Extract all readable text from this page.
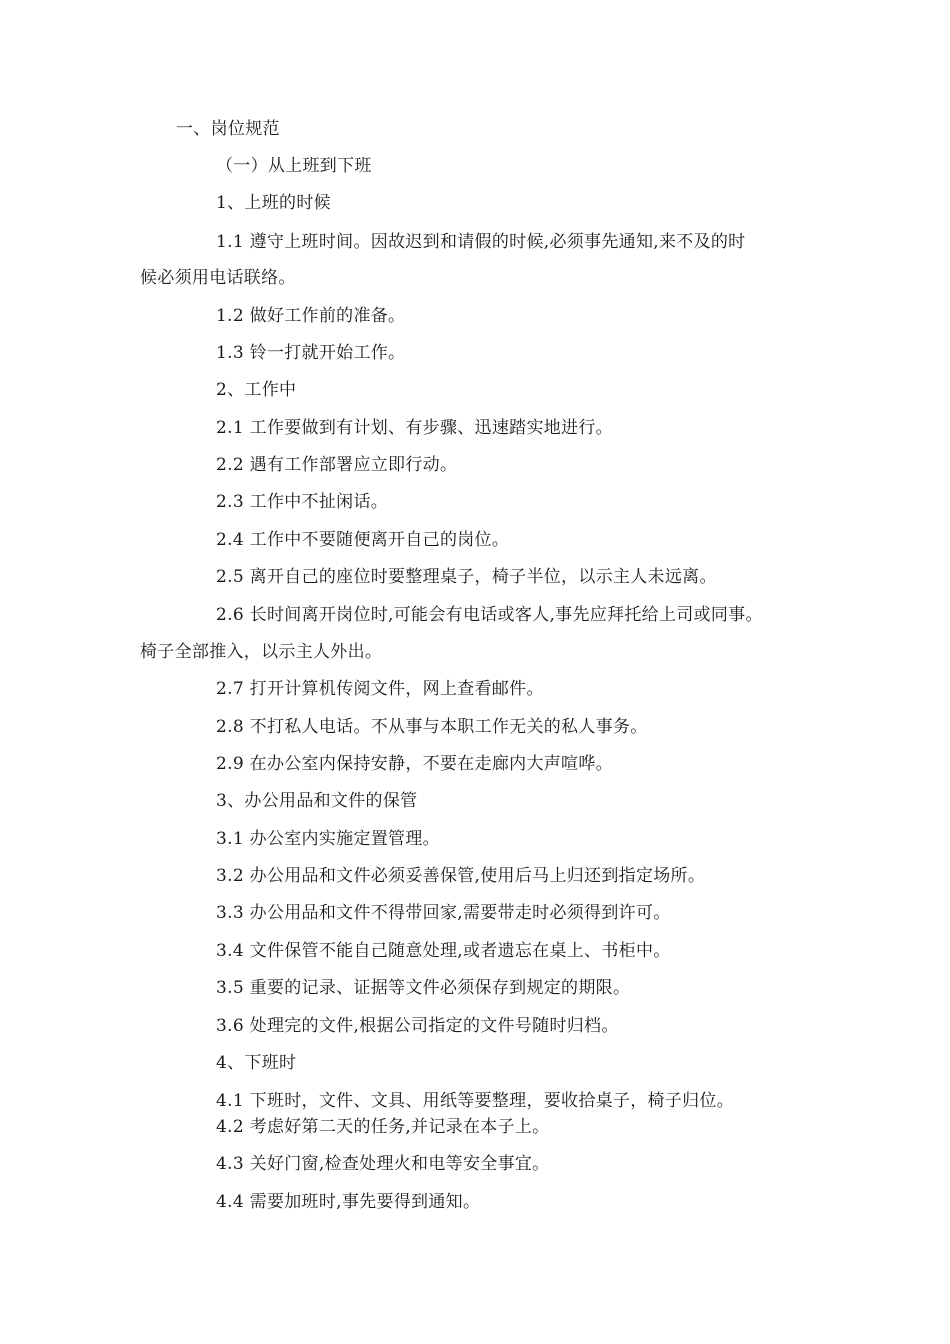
一、岗位规范
（一）从上班到下班
1、上班的时候
1.1 遵守上班时间。因故迟到和请假的时候,必须事先通知,来不及的时
候必须用电话联络。
1.2 做好工作前的准备。
1.3 铃一打就开始工作。
2、工作中
2.1 工作要做到有计划、有步骤、迅速踏实地进行。
2.2 遇有工作部署应立即行动。
2.3 工作中不扯闲话。
2.4 工作中不要随便离开自己的岗位。
2.5 离开自己的座位时要整理桌子，椅子半位，以示主人未远离。
2.6 长时间离开岗位时,可能会有电话或客人,事先应拜托给上司或同事。
椅子全部推入，以示主人外出。
2.7 打开计算机传阅文件，网上查看邮件。
2.8 不打私人电话。不从事与本职工作无关的私人事务。
2.9 在办公室内保持安静，不要在走廊内大声喧哗。
3、办公用品和文件的保管
3.1 办公室内实施定置管理。
3.2 办公用品和文件必须妥善保管,使用后马上归还到指定场所。
3.3 办公用品和文件不得带回家,需要带走时必须得到许可。
3.4 文件保管不能自己随意处理,或者遗忘在桌上、书柜中。
3.5 重要的记录、证据等文件必须保存到规定的期限。
3.6 处理完的文件,根据公司指定的文件号随时归档。
4、下班时
4.1 下班时，文件、文具、用纸等要整理，要收拾桌子，椅子归位。
4.2 考虑好第二天的任务,并记录在本子上。
4.3 关好门窗,检查处理火和电等安全事宜。
4.4 需要加班时,事先要得到通知。
